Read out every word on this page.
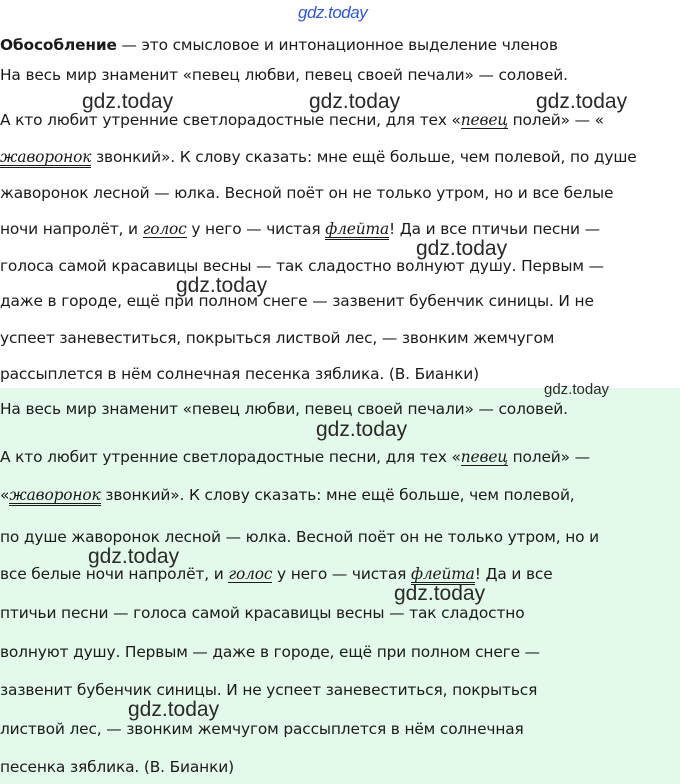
gdz.today
Обособление — это смысловое и интонационное выделение членов
На весь мир знаменит «певец любви, певец своей печали» — соловей.
gdz.today	gdz.today	gdz.today
А кто любит утренние светлорадостные песни, для тех «певец полей» — «
жаворонок звонкий». К слову сказать: мне ещё больше, чем полевой, по душе
жаворонок лесной — юлка. Весной поёт он не только утром, но и все белые
ночи напролёт, и голос у него — чистая флейта! Да и все птичьи песни —
gdz.today
голоса самой красавицы весны — так сладостно волнуют душу. Первым —
gdz.today
даже в городе, ещё при полном снеге — зазвенит бубенчик синицы. И не
успеет заневеститься, покрыться листвой лес, — звонким жемчугом
рассыплется в нём солнечная песенка зяблика. (В. Бианки)
gdz.today
На весь мир знаменит «певец любви, певец своей печали» — соловей.
gdz.today
А кто любит утренние светлорадостные песни, для тех «певец полей» —
«жаворонок звонкий». К слову сказать: мне ещё больше, чем полевой,
по душе жаворонок лесной — юлка. Весной поёт он не только утром, но и
gdz.today
все белые ночи напролёт, и голос у него — чистая флейта! Да и все
gdz.today
птичьи песни — голоса самой красавицы весны — так сладостно
волнуют душу. Первым — даже в городе, ещё при полном снеге —
зазвенит бубенчик синицы. И не успеет заневеститься, покрыться
gdz.today
листвой лес, — звонким жемчугом рассыплется в нём солнечная
песенка зяблика. (В. Бианки)
